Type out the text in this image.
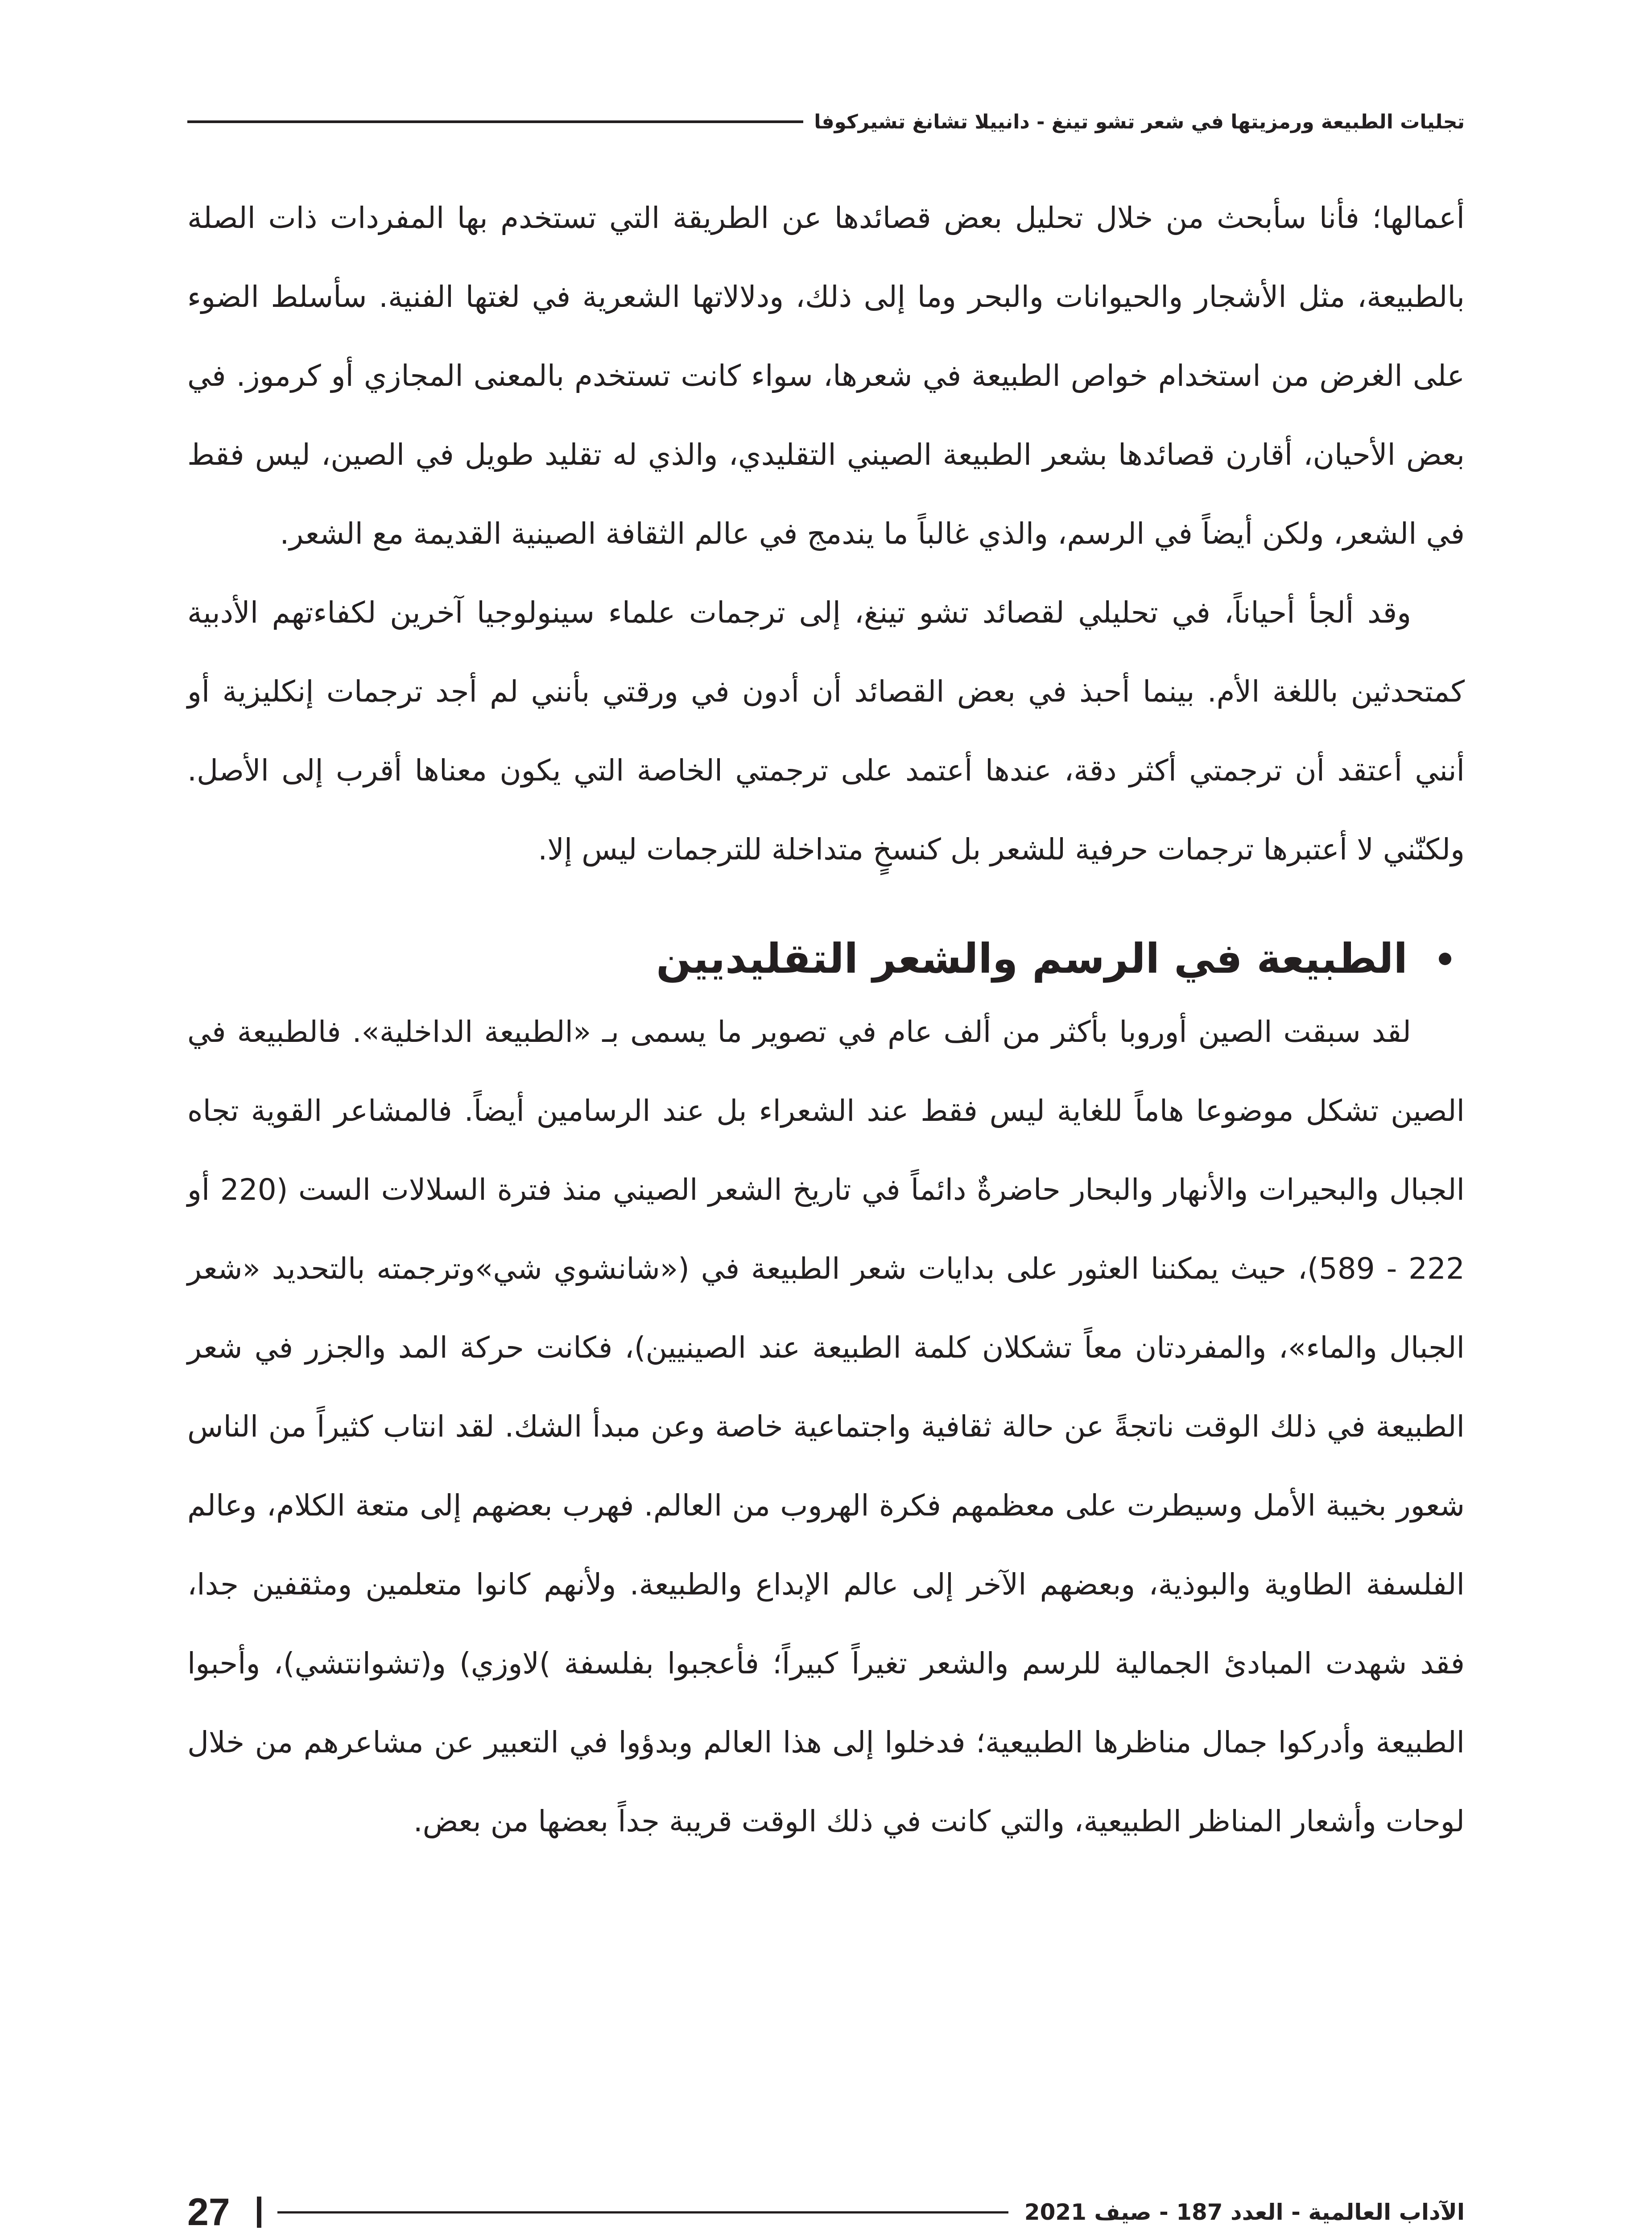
تجليات الطبيعة ورمزيتها في شعر تشو تينغ - دانييلا تشانغ تشيركوفا

أعمالها؛ فأنا سأبحث من خلال تحليل بعض قصائدها عن الطريقة التي تستخدم بها المفردات ذات الصلة بالطبيعة، مثل الأشجار والحيوانات والبحر وما إلى ذلك، ودلالاتها الشعرية في لغتها الفنية. سأسلط الضوء على الغرض من استخدام خواص الطبيعة في شعرها، سواء كانت تستخدم بالمعنى المجازي أو كرموز. في بعض الأحيان، أقارن قصائدها بشعر الطبيعة الصيني التقليدي، والذي له تقليد طويل في الصين، ليس فقط في الشعر، ولكن أيضاً في الرسم، والذي غالباً ما يندمج في عالم الثقافة الصينية القديمة مع الشعر.

وقد ألجأ أحياناً، في تحليلي لقصائد تشو تينغ، إلى ترجمات علماء سينولوجيا آخرين لكفاءتهم الأدبية كمتحدثين باللغة الأم. بينما أحبذ في بعض القصائد أن أدون في ورقتي بأنني لم أجد ترجمات إنكليزية أو أنني أعتقد أن ترجمتي أكثر دقة، عندها أعتمد على ترجمتي الخاصة التي يكون معناها أقرب إلى الأصل. ولكنّني لا أعتبرها ترجمات حرفية للشعر بل كنسخٍ متداخلة للترجمات ليس إلا.

الطبيعة في الرسم والشعر التقليديين

لقد سبقت الصين أوروبا بأكثر من ألف عام في تصوير ما يسمى بـ «الطبيعة الداخلية». فالطبيعة في الصين تشكل موضوعا هاماً للغاية ليس فقط عند الشعراء بل عند الرسامين أيضاً. فالمشاعر القوية تجاه الجبال والبحيرات والأنهار والبحار حاضرةٌ دائماً في تاريخ الشعر الصيني منذ فترة السلالات الست (220 أو 222 - 589)، حيث يمكننا العثور على بدايات شعر الطبيعة في («شانشوي شي»وترجمته بالتحديد «شعر الجبال والماء»، والمفردتان معاً تشكلان كلمة الطبيعة عند الصينيين)، فكانت حركة المد والجزر في شعر الطبيعة في ذلك الوقت ناتجةً عن حالة ثقافية واجتماعية خاصة وعن مبدأ الشك. لقد انتاب كثيراً من الناس شعور بخيبة الأمل وسيطرت على معظمهم فكرة الهروب من العالم. فهرب بعضهم إلى متعة الكلام، وعالم الفلسفة الطاوية والبوذية، وبعضهم الآخر إلى عالم الإبداع والطبيعة. ولأنهم كانوا متعلمين ومثقفين جدا، فقد شهدت المبادئ الجمالية للرسم والشعر تغيراً كبيراً؛ فأعجبوا بفلسفة )لاوزي) و(تشوانتشي)، وأحبوا الطبيعة وأدركوا جمال مناظرها الطبيعية؛ فدخلوا إلى هذا العالم وبدؤوا في التعبير عن مشاعرهم من خلال لوحات وأشعار المناظر الطبيعية، والتي كانت في ذلك الوقت قريبة جداً بعضها من بعض.

الآداب العالمية - العدد 187 - صيف 2021
27
